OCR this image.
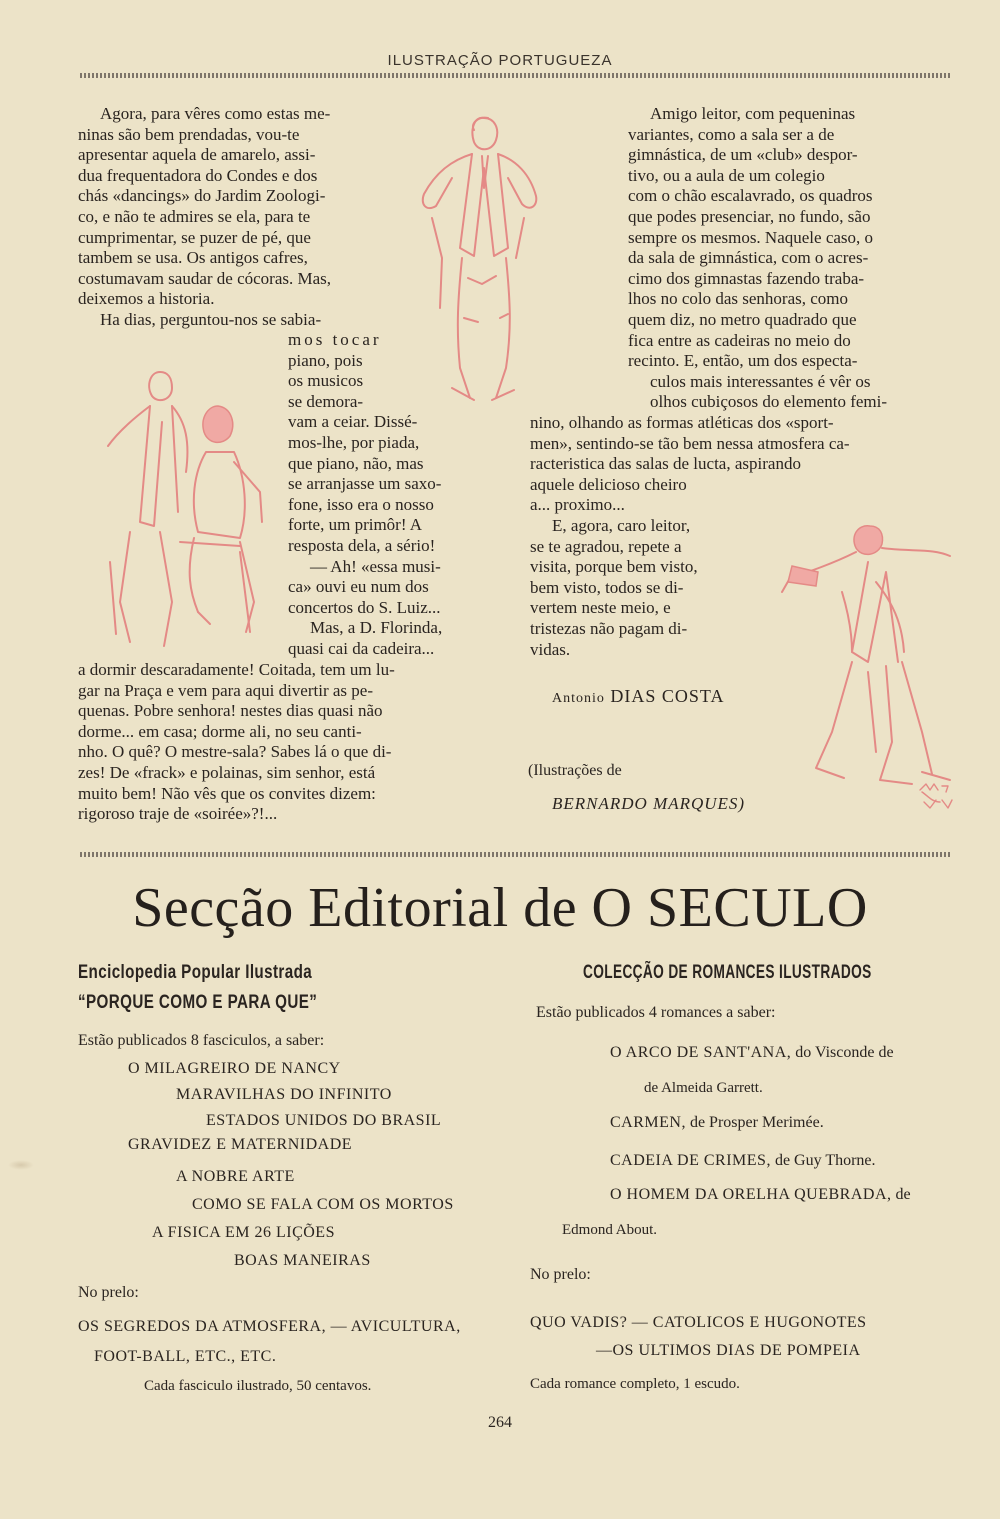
ILUSTRAÇÃO PORTUGUEZA

Agora, para vêres como estas me-

ninas são bem prendadas, vou-te

apresentar aquela de amarelo, assi-

dua frequentadora do Condes e dos

chás «dancings» do Jardim Zoologi-

co, e não te admires se ela, para te

cumprimentar, se puzer de pé, que

tambem se usa. Os antigos cafres,

costumavam saudar de cócoras. Mas,

deixemos a historia.

Ha dias, perguntou-nos se sabia-

mos tocar

piano, pois

os musicos

se demora-

vam a ceiar. Dissé-

mos-lhe, por piada,

que piano, não, mas

se arranjasse um saxo-

fone, isso era o nosso

forte, um primôr! A

resposta dela, a sério!

— Ah! «essa musi-

ca» ouvi eu num dos

concertos do S. Luiz...

Mas, a D. Florinda,

quasi cai da cadeira...

a dormir descaradamente! Coitada, tem um lu-

gar na Praça e vem para aqui divertir as pe-

quenas. Pobre senhora! nestes dias quasi não

dorme... em casa; dorme ali, no seu canti-

nho. O quê? O mestre-sala? Sabes lá o que di-

zes! De «frack» e polainas, sim senhor, está

muito bem! Não vês que os convites dizem:

rigoroso traje de «soirée»?!...

Amigo leitor, com pequeninas

variantes, como a sala ser a de

gimnástica, de um «club» despor-

tivo, ou a aula de um colegio

com o chão escalavrado, os quadros

que podes presenciar, no fundo, são

sempre os mesmos. Naquele caso, o

da sala de gimnástica, com o acres-

cimo dos gimnastas fazendo traba-

lhos no colo das senhoras, como

quem diz, no metro quadrado que

fica entre as cadeiras no meio do

recinto. E, então, um dos especta-

culos mais interessantes é vêr os

olhos cubiçosos do elemento femi-

nino, olhando as formas atléticas dos «sport-

men», sentindo-se tão bem nessa atmosfera ca-

racteristica das salas de lucta, aspirando

aquele delicioso cheiro

a... proximo...

E, agora, caro leitor,

se te agradou, repete a

visita, porque bem visto,

bem visto, todos se di-

vertem neste meio, e

tristezas não pagam di-

vidas.

Antonio DIAS COSTA
(Ilustrações de
BERNARDO MARQUES)
Secção Editorial de O SECULO
Enciclopedia Popular Ilustrada
“PORQUE COMO E PARA QUE”
Estão publicados 8 fasciculos, a saber:
O MILAGREIRO DE NANCY
MARAVILHAS DO INFINITO
ESTADOS UNIDOS DO BRASIL
GRAVIDEZ E MATERNIDADE
A NOBRE ARTE
COMO SE FALA COM OS MORTOS
A FISICA EM 26 LIÇÕES
BOAS MANEIRAS
No prelo:
OS SEGREDOS DA ATMOSFERA, — AVICULTURA,
FOOT-BALL, ETC., ETC.
Cada fasciculo ilustrado, 50 centavos.
COLECÇÃO DE ROMANCES ILUSTRADOS
Estão publicados 4 romances a saber:
O ARCO DE SANT'ANA, do Visconde de
de Almeida Garrett.
CARMEN, de Prosper Merimée.
CADEIA DE CRIMES, de Guy Thorne.
O HOMEM DA ORELHA QUEBRADA, de
Edmond About.
No prelo:
QUO VADIS? — CATOLICOS E HUGONOTES
—OS ULTIMOS DIAS DE POMPEIA
Cada romance completo, 1 escudo.
264
